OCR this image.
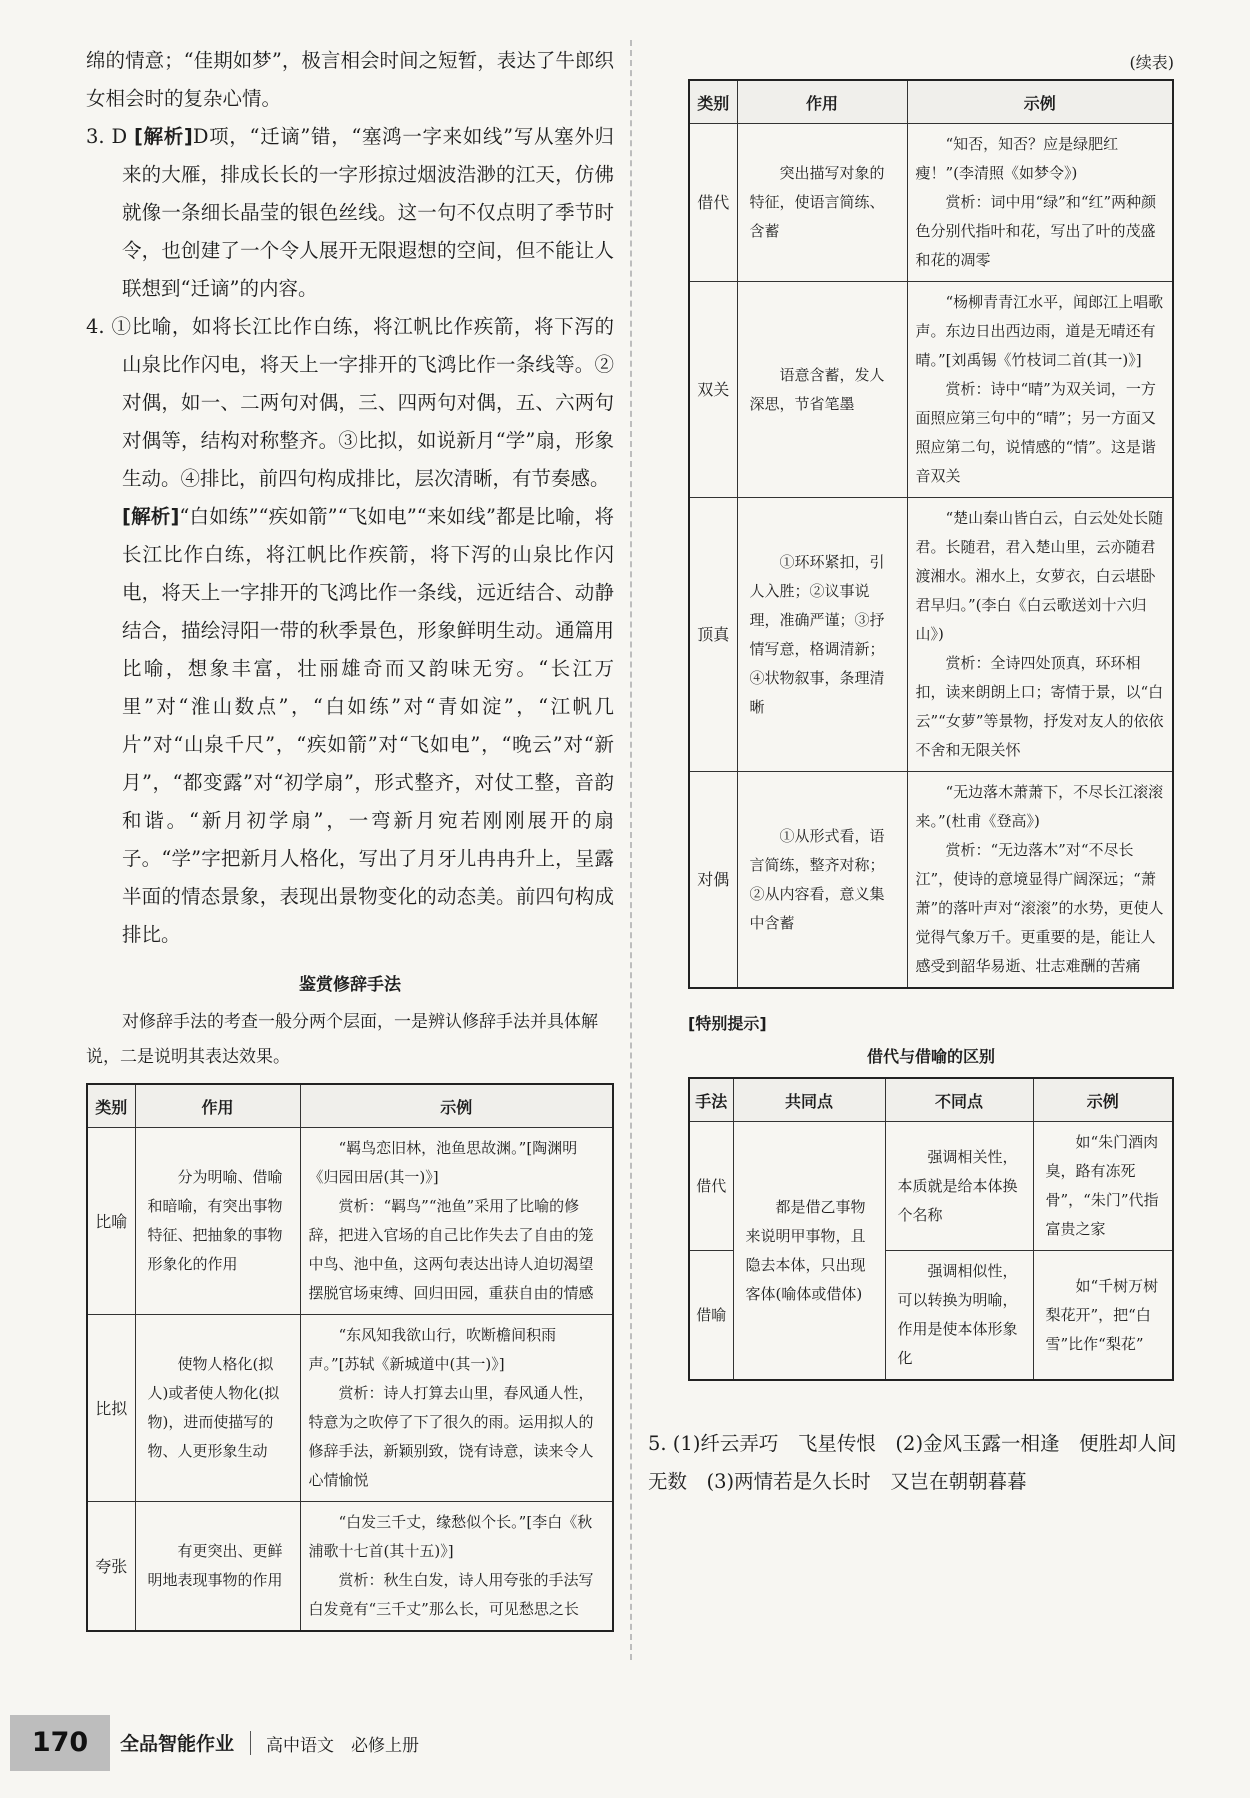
绵的情意；“佳期如梦”，极言相会时间之短暂，表达了牛郎织女相会时的复杂心情。

3. D [解析]D项，“迁谪”错，“塞鸿一字来如线”写从塞外归来的大雁，排成长长的一字形掠过烟波浩渺的江天，仿佛就像一条细长晶莹的银色丝线。这一句不仅点明了季节时令，也创建了一个令人展开无限遐想的空间，但不能让人联想到“迁谪”的内容。

4. ①比喻，如将长江比作白练，将江帆比作疾箭，将下泻的山泉比作闪电，将天上一字排开的飞鸿比作一条线等。②对偶，如一、二两句对偶，三、四两句对偶，五、六两句对偶等，结构对称整齐。③比拟，如说新月“学”扇，形象生动。④排比，前四句构成排比，层次清晰，有节奏感。

[解析]“白如练”“疾如箭”“飞如电”“来如线”都是比喻，将长江比作白练，将江帆比作疾箭，将下泻的山泉比作闪电，将天上一字排开的飞鸿比作一条线，远近结合、动静结合，描绘浔阳一带的秋季景色，形象鲜明生动。通篇用比喻，想象丰富，壮丽雄奇而又韵味无穷。“长江万里”对“淮山数点”，“白如练”对“青如淀”，“江帆几片”对“山泉千尺”，“疾如箭”对“飞如电”，“晚云”对“新月”，“都变露”对“初学扇”，形式整齐，对仗工整，音韵和谐。“新月初学扇”，一弯新月宛若刚刚展开的扇子。“学”字把新月人格化，写出了月牙儿冉冉升上，呈露半面的情态景象，表现出景物变化的动态美。前四句构成排比。

鉴赏修辞手法

对修辞手法的考查一般分两个层面，一是辨认修辞手法并具体解说，二是说明其表达效果。

类别	作用	示例
比喻	分为明喻、借喻和暗喻，有突出事物特征、把抽象的事物形象化的作用	“羁鸟恋旧林，池鱼思故渊。”[陶渊明《归园田居(其一)》]

赏析：“羁鸟”“池鱼”采用了比喻的修辞，把进入官场的自己比作失去了自由的笼中鸟、池中鱼，这两句表达出诗人迫切渴望摆脱官场束缚、回归田园，重获自由的情感

比拟	使物人格化(拟人)或者使人物化(拟物)，进而使描写的物、人更形象生动	“东风知我欲山行，吹断檐间积雨声。”[苏轼《新城道中(其一)》]

赏析：诗人打算去山里，春风通人性，特意为之吹停了下了很久的雨。运用拟人的修辞手法，新颖别致，饶有诗意，读来令人心情愉悦

夸张	有更突出、更鲜明地表现事物的作用	“白发三千丈，缘愁似个长。”[李白《秋浦歌十七首(其十五)》]

赏析：秋生白发，诗人用夸张的手法写白发竟有“三千丈”那么长，可见愁思之长

(续表)
类别	作用	示例
借代	突出描写对象的特征，使语言简练、含蓄	“知否，知否？应是绿肥红瘦！”(李清照《如梦令》)

赏析：词中用“绿”和“红”两种颜色分别代指叶和花，写出了叶的茂盛和花的凋零

双关	语意含蓄，发人深思，节省笔墨	“杨柳青青江水平，闻郎江上唱歌声。东边日出西边雨，道是无晴还有晴。”[刘禹锡《竹枝词二首(其一)》]

赏析：诗中“晴”为双关词，一方面照应第三句中的“晴”；另一方面又照应第二句，说情感的“情”。这是谐音双关

顶真	①环环紧扣，引人入胜；②议事说理，准确严谨；③抒情写意，格调清新；④状物叙事，条理清晰	“楚山秦山皆白云，白云处处长随君。长随君，君入楚山里，云亦随君渡湘水。湘水上，女萝衣，白云堪卧君早归。”(李白《白云歌送刘十六归山》)

赏析：全诗四处顶真，环环相扣，读来朗朗上口；寄情于景，以“白云”“女萝”等景物，抒发对友人的依依不舍和无限关怀

对偶	①从形式看，语言简练，整齐对称；②从内容看，意义集中含蓄	“无边落木萧萧下，不尽长江滚滚来。”(杜甫《登高》)

赏析：“无边落木”对“不尽长江”，使诗的意境显得广阔深远；“萧萧”的落叶声对“滚滚”的水势，更使人觉得气象万千。更重要的是，能让人感受到韶华易逝、壮志难酬的苦痛

[特别提示]
借代与借喻的区别
手法	共同点	不同点	示例
借代	都是借乙事物来说明甲事物，且隐去本体，只出现客体(喻体或借体)	强调相关性，本质就是给本体换个名称	如“朱门酒肉臭，路有冻死骨”，“朱门”代指富贵之家
借喻		强调相似性，可以转换为明喻，作用是使本体形象化	如“千树万树梨花开”，把“白雪”比作“梨花”

5. (1)纤云弄巧　飞星传恨　(2)金风玉露一相逢　便胜却人间无数　(3)两情若是久长时　又岂在朝朝暮暮

170	全品智能作业 高中语文　必修上册
